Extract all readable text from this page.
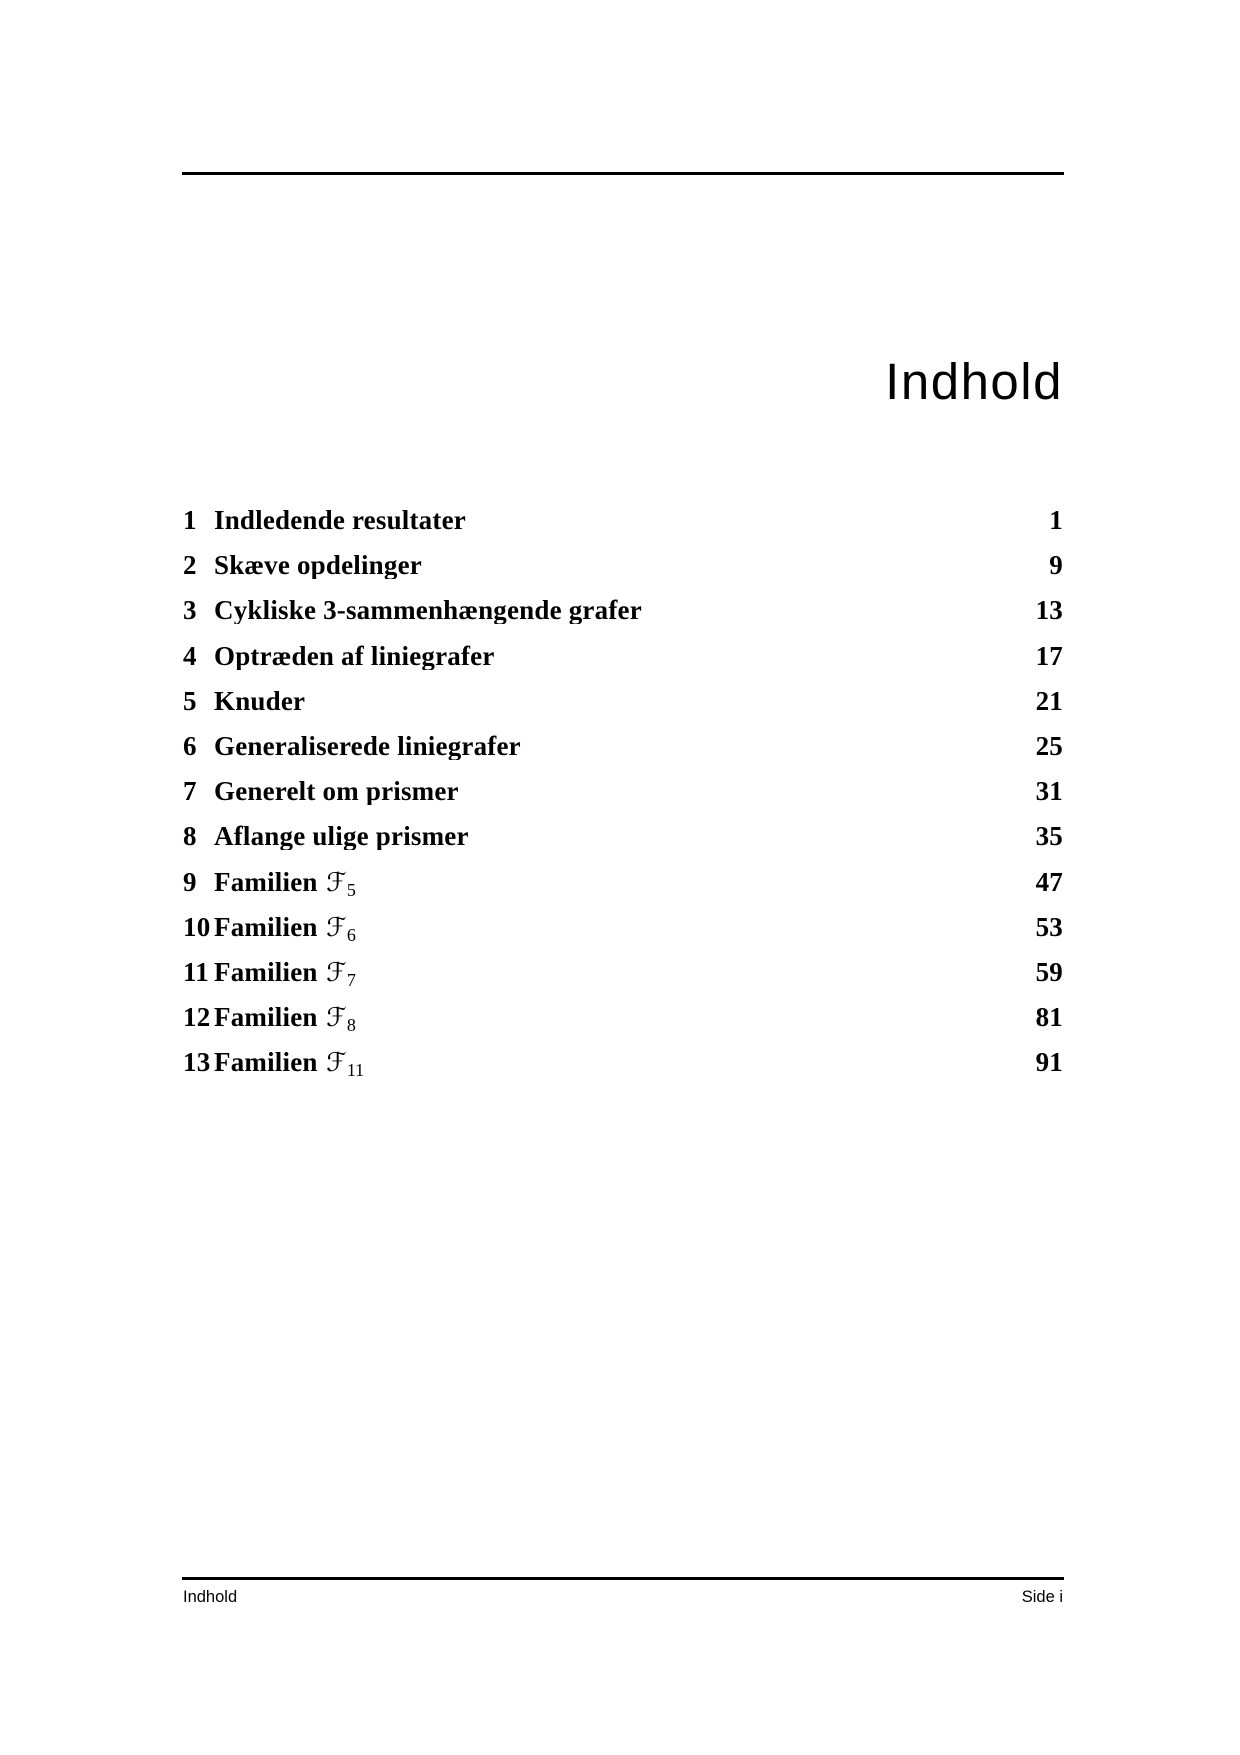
Indhold
1 Indledende resultater	1
2 Skæve opdelinger	9
3 Cykliske 3-sammenhængende grafer	13
4 Optræden af liniegrafer	17
5 Knuder	21
6 Generaliserede liniegrafer	25
7 Generelt om prismer	31
8 Aflange ulige prismer	35
9 Familien ℱ$_5$	47
10 Familien ℱ$_6$	53
11 Familien ℱ$_7$	59
12 Familien ℱ$_8$	81
13 Familien ℱ$_{11}$	91
Indhold	Side i
